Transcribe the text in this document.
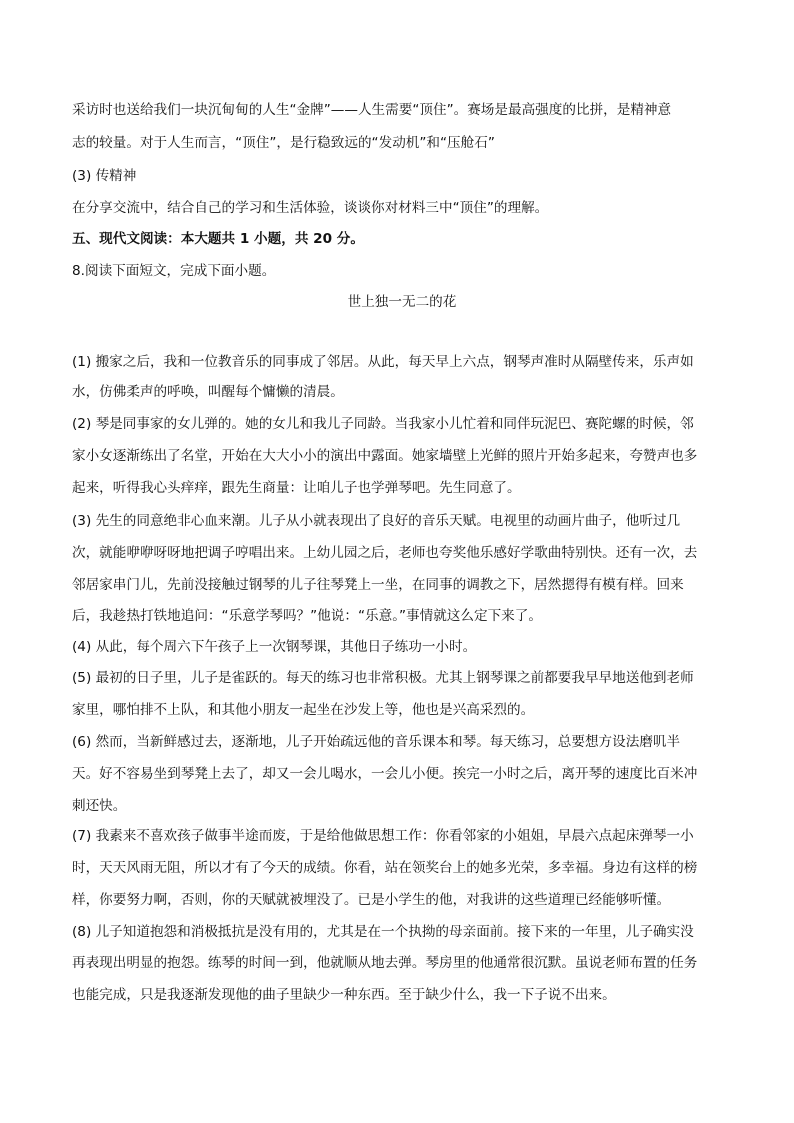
采访时也送给我们一块沉甸甸的人生“金牌”——人生需要“顶住”。赛场是最高强度的比拼，是精神意
志的较量。对于人生而言，“顶住”，是行稳致远的“发动机”和“压舱石”
(3) 传精神
在分享交流中，结合自己的学习和生活体验，谈谈你对材料三中“顶住”的理解。
五、现代文阅读：本大题共 1 小题，共 20 分。
8.阅读下面短文，完成下面小题。
世上独一无二的花
(1) 搬家之后，我和一位教音乐的同事成了邻居。从此，每天早上六点，钢琴声准时从隔壁传来，乐声如
水，仿佛柔声的呼唤，叫醒每个慵懒的清晨。
(2) 琴是同事家的女儿弹的。她的女儿和我儿子同龄。当我家小儿忙着和同伴玩泥巴、赛陀螺的时候，邻
家小女逐渐练出了名堂，开始在大大小小的演出中露面。她家墙壁上光鲜的照片开始多起来，夸赞声也多
起来，听得我心头痒痒，跟先生商量：让咱儿子也学弹琴吧。先生同意了。
(3) 先生的同意绝非心血来潮。儿子从小就表现出了良好的音乐天赋。电视里的动画片曲子，他听过几
次，就能咿咿呀呀地把调子哼唱出来。上幼儿园之后，老师也夸奖他乐感好学歌曲特别快。还有一次，去
邻居家串门儿，先前没接触过钢琴的儿子往琴凳上一坐，在同事的调教之下，居然摁得有模有样。回来
后，我趁热打铁地追问：“乐意学琴吗？”他说：“乐意。”事情就这么定下来了。
(4) 从此，每个周六下午孩子上一次钢琴课，其他日子练功一小时。
(5) 最初的日子里，儿子是雀跃的。每天的练习也非常积极。尤其上钢琴课之前都要我早早地送他到老师
家里，哪怕排不上队，和其他小朋友一起坐在沙发上等，他也是兴高采烈的。
(6) 然而，当新鲜感过去，逐渐地，儿子开始疏远他的音乐课本和琴。每天练习，总要想方设法磨叽半
天。好不容易坐到琴凳上去了，却又一会儿喝水，一会儿小便。挨完一小时之后，离开琴的速度比百米冲
刺还快。
(7) 我素来不喜欢孩子做事半途而废，于是给他做思想工作：你看邻家的小姐姐，早晨六点起床弹琴一小
时，天天风雨无阻，所以才有了今天的成绩。你看，站在领奖台上的她多光荣，多幸福。身边有这样的榜
样，你要努力啊，否则，你的天赋就被埋没了。已是小学生的他，对我讲的这些道理已经能够听懂。
(8) 儿子知道抱怨和消极抵抗是没有用的，尤其是在一个执拗的母亲面前。接下来的一年里，儿子确实没
再表现出明显的抱怨。练琴的时间一到，他就顺从地去弹。琴房里的他通常很沉默。虽说老师布置的任务
也能完成，只是我逐渐发现他的曲子里缺少一种东西。至于缺少什么，我一下子说不出来。
